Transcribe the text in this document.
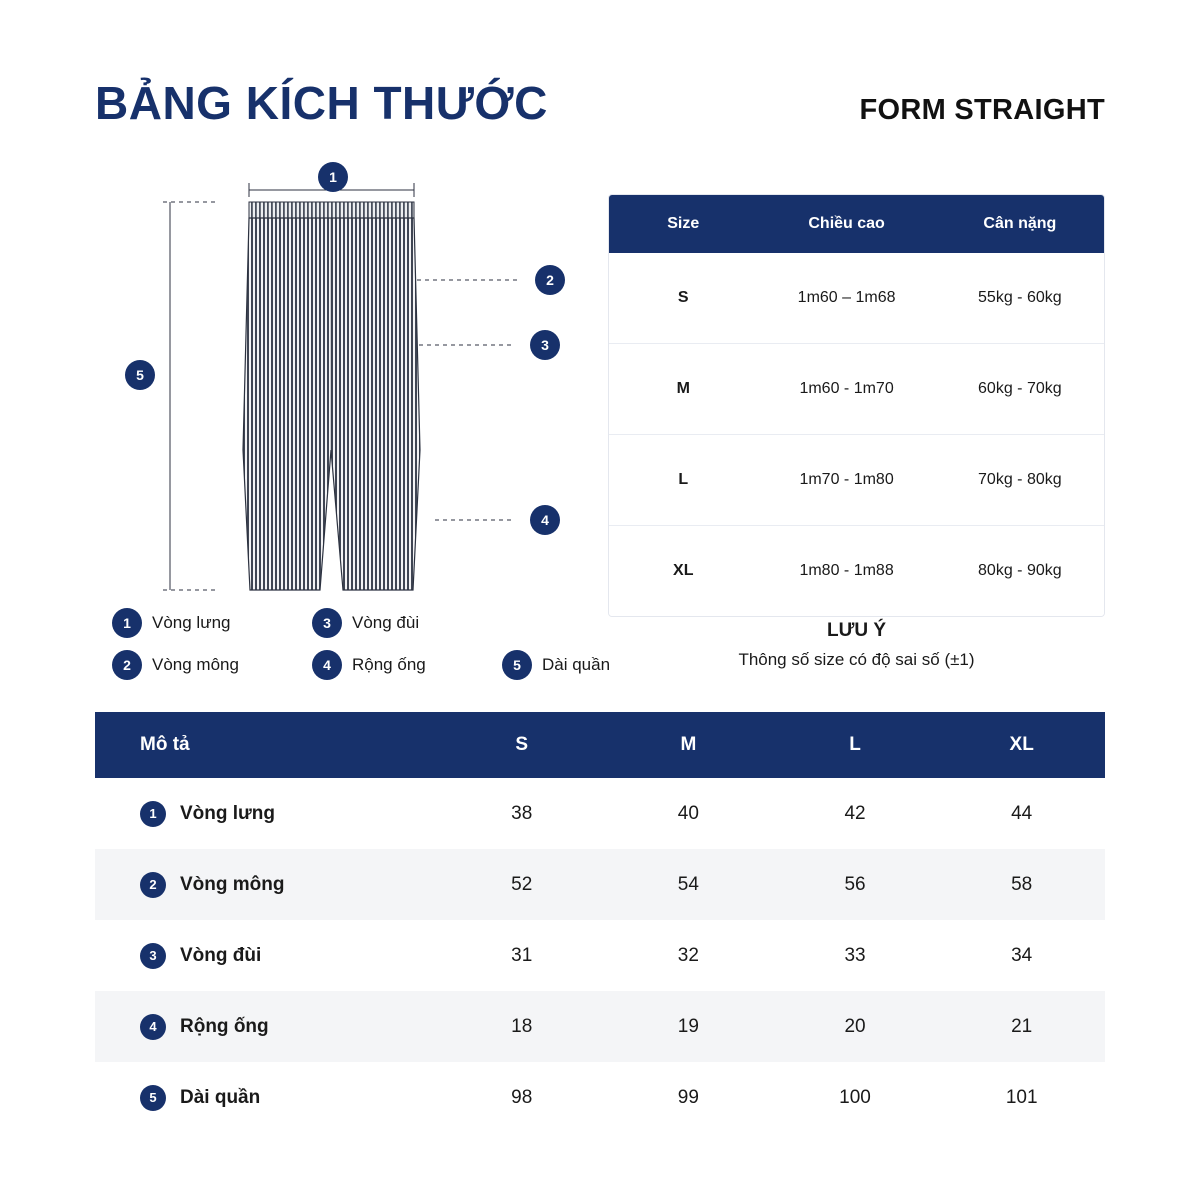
BẢNG KÍCH THƯỚC	FORM STRAIGHT
1
2
3
4
5
1	Vòng lưng
2	Vòng mông
3	Vòng đùi
4	Rộng ống	5	Dài quần
Size	Chiều cao	Cân nặng
S	1m60 – 1m68	55kg - 60kg
M	1m60 - 1m70	60kg - 70kg
L	1m70 - 1m80	70kg - 80kg
XL	1m80 - 1m88	80kg - 90kg

LƯU Ý

Thông số size có độ sai số (±1)

Mô tả	S	M	L	XL

1 Vòng lưng	38	40	42	44

2 Vòng mông	52	54	56	58

3 Vòng đùi	31	32	33	34

4 Rộng ống	18	19	20	21

5 Dài quần	98	99	100	101
